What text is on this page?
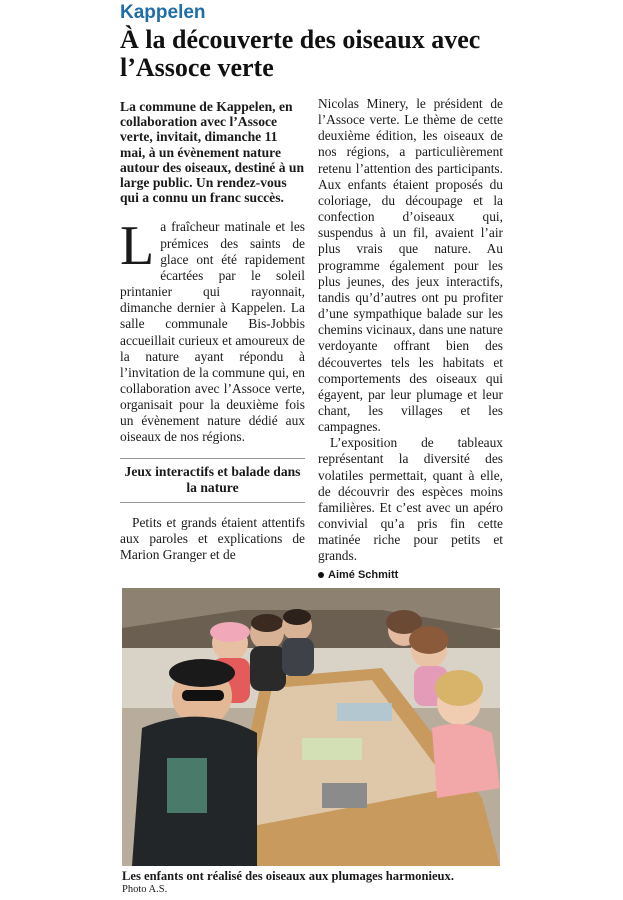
Kappelen
À la découverte des oiseaux avec l’Assoce verte

La commune de Kappelen, en collaboration avec l’Assoce verte, invitait, dimanche 11 mai, à un évènement nature autour des oiseaux, destiné à un large public. Un rendez-vous qui a connu un franc succès.

La fraîcheur matinale et les prémices des saints de glace ont été rapidement écartées par le soleil printanier qui rayonnait, dimanche dernier à Kappelen. La salle communale Bis-Jobbis accueillait curieux et amoureux de la nature ayant répondu à l’invitation de la commune qui, en collaboration avec l’Assoce verte, organisait pour la deuxième fois un évènement nature dédié aux oiseaux de nos régions.

Jeux interactifs et balade dans la nature

Petits et grands étaient attentifs aux paroles et explications de Marion Granger et de

Nicolas Minery, le président de l’Assoce verte. Le thème de cette deuxième édition, les oiseaux de nos régions, a particulièrement retenu l’attention des participants. Aux enfants étaient proposés du coloriage, du découpage et la confection d’oiseaux qui, suspendus à un fil, avaient l’air plus vrais que nature. Au programme également pour les plus jeunes, des jeux interactifs, tandis qu’d’autres ont pu profiter d’une sympathique balade sur les chemins vicinaux, dans une nature verdoyante offrant bien des découvertes tels les habitats et comportements des oiseaux qui égayent, par leur plumage et leur chant, les villages et les campagnes.

L’exposition de tableaux représentant la diversité des volatiles permettait, quant à elle, de découvrir des espèces moins familières. Et c’est avec un apéro convivial qu’a pris fin cette matinée riche pour petits et grands.

Aimé Schmitt
Les enfants ont réalisé des oiseaux aux plumages harmonieux.
Photo A.S.
